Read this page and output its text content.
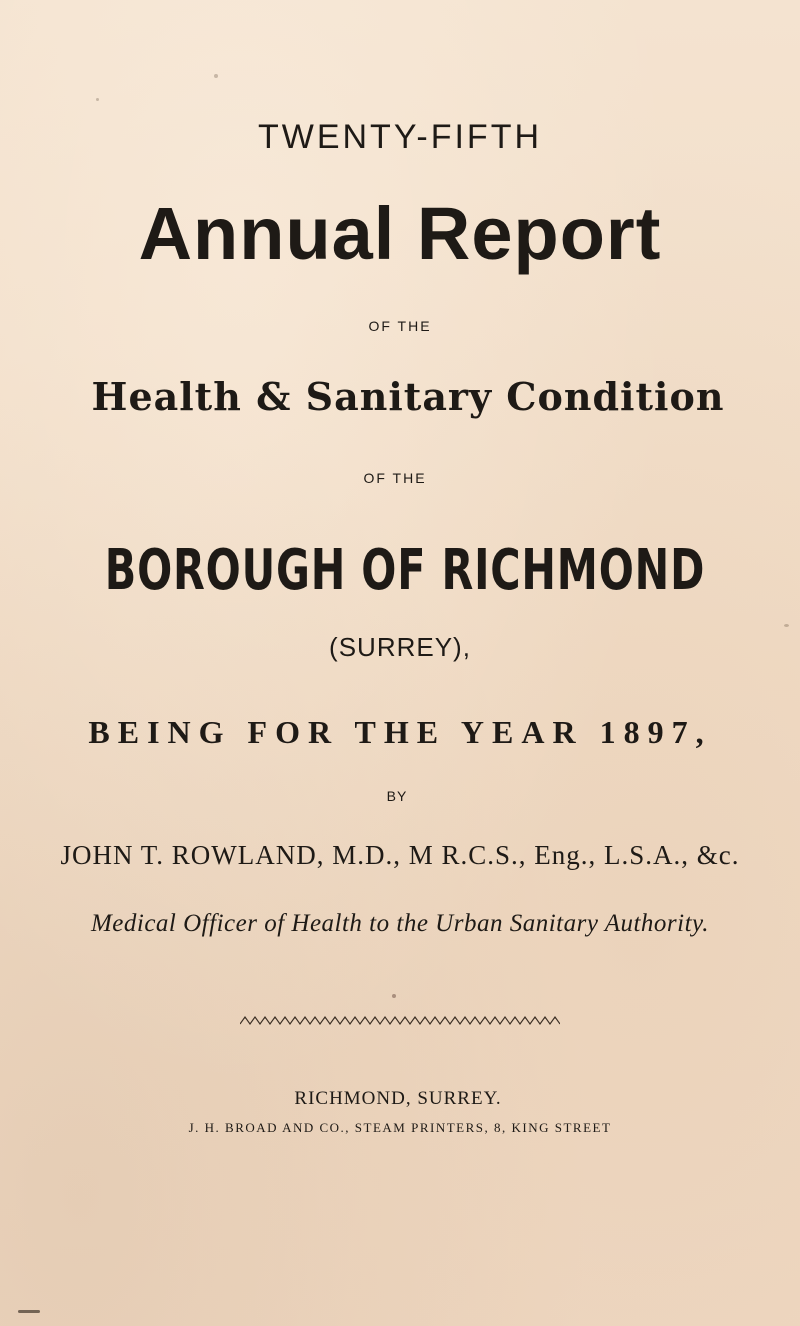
TWENTY-FIFTH

Annual Report

OF THE

Health & Sanitary Condition

OF THE

BOROUGH OF RICHMOND

(SURREY),

BEING FOR THE YEAR 1897,

BY

JOHN T. ROWLAND, M.D., M R.C.S., Eng., L.S.A., &c.

Medical Officer of Health to the Urban Sanitary Authority.

RICHMOND, SURREY.

J. H. BROAD AND CO., STEAM PRINTERS, 8, KING STREET
